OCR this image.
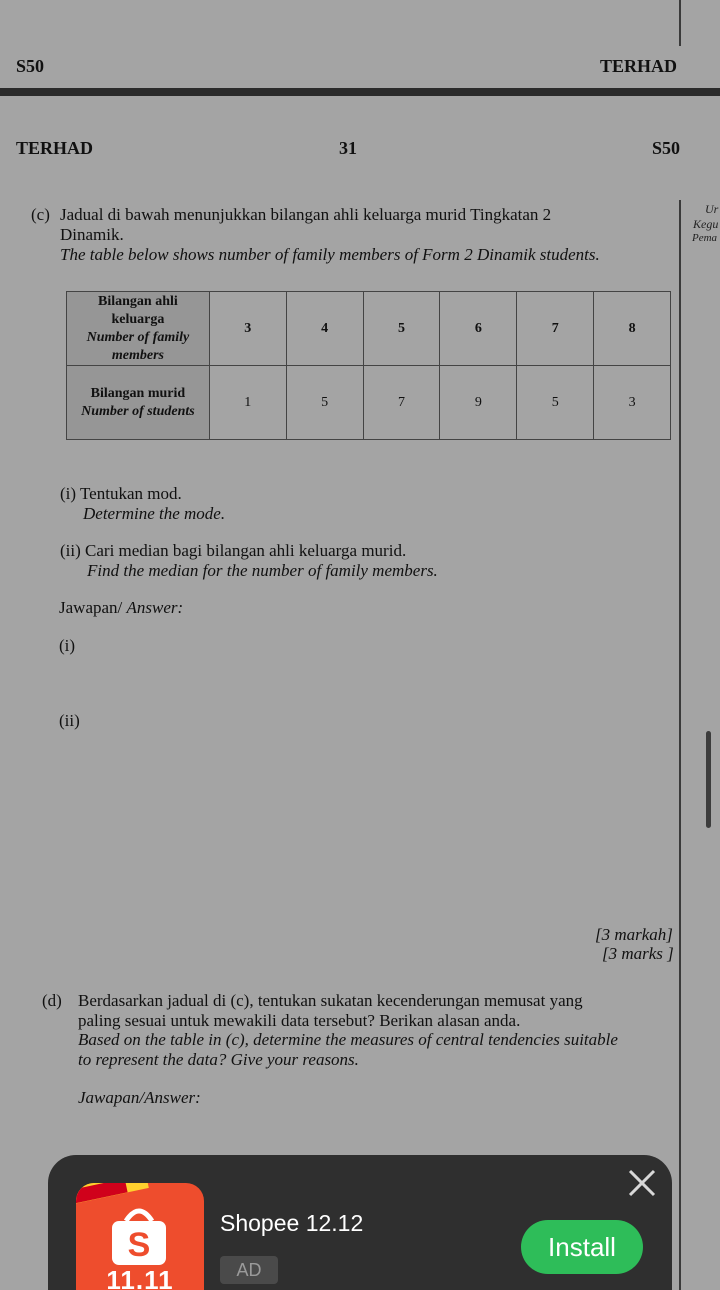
S50	TERHAD
TERHAD	31	S50
Ur
Kegu
Pema
(c) Jadual di bawah menunjukkan bilangan ahli keluarga murid Tingkatan 2
Dinamik.
The table below shows number of family members of Form 2 Dinamik students.
Bilangan ahli
keluarga
Number of family
members	3	4	5	6	7	8

Bilangan murid
Number of students	1	5	7	9	5	3
(i) Tentukan mod.
Determine the mode.
(ii) Cari median bagi bilangan ahli keluarga murid.
Find the median for the number of family members.
Jawapan/ Answer:
(i)
(ii)
[3 markah]
[3 marks ]
(d) Berdasarkan jadual di (c), tentukan sukatan kecenderungan memusat yang
paling sesuai untuk mewakili data tersebut? Berikan alasan anda.
Based on the table in (c), determine the measures of central tendencies suitable
to represent the data? Give your reasons.
Jawapan/Answer:
S
11.11
Shopee 12.12
AD
Install
